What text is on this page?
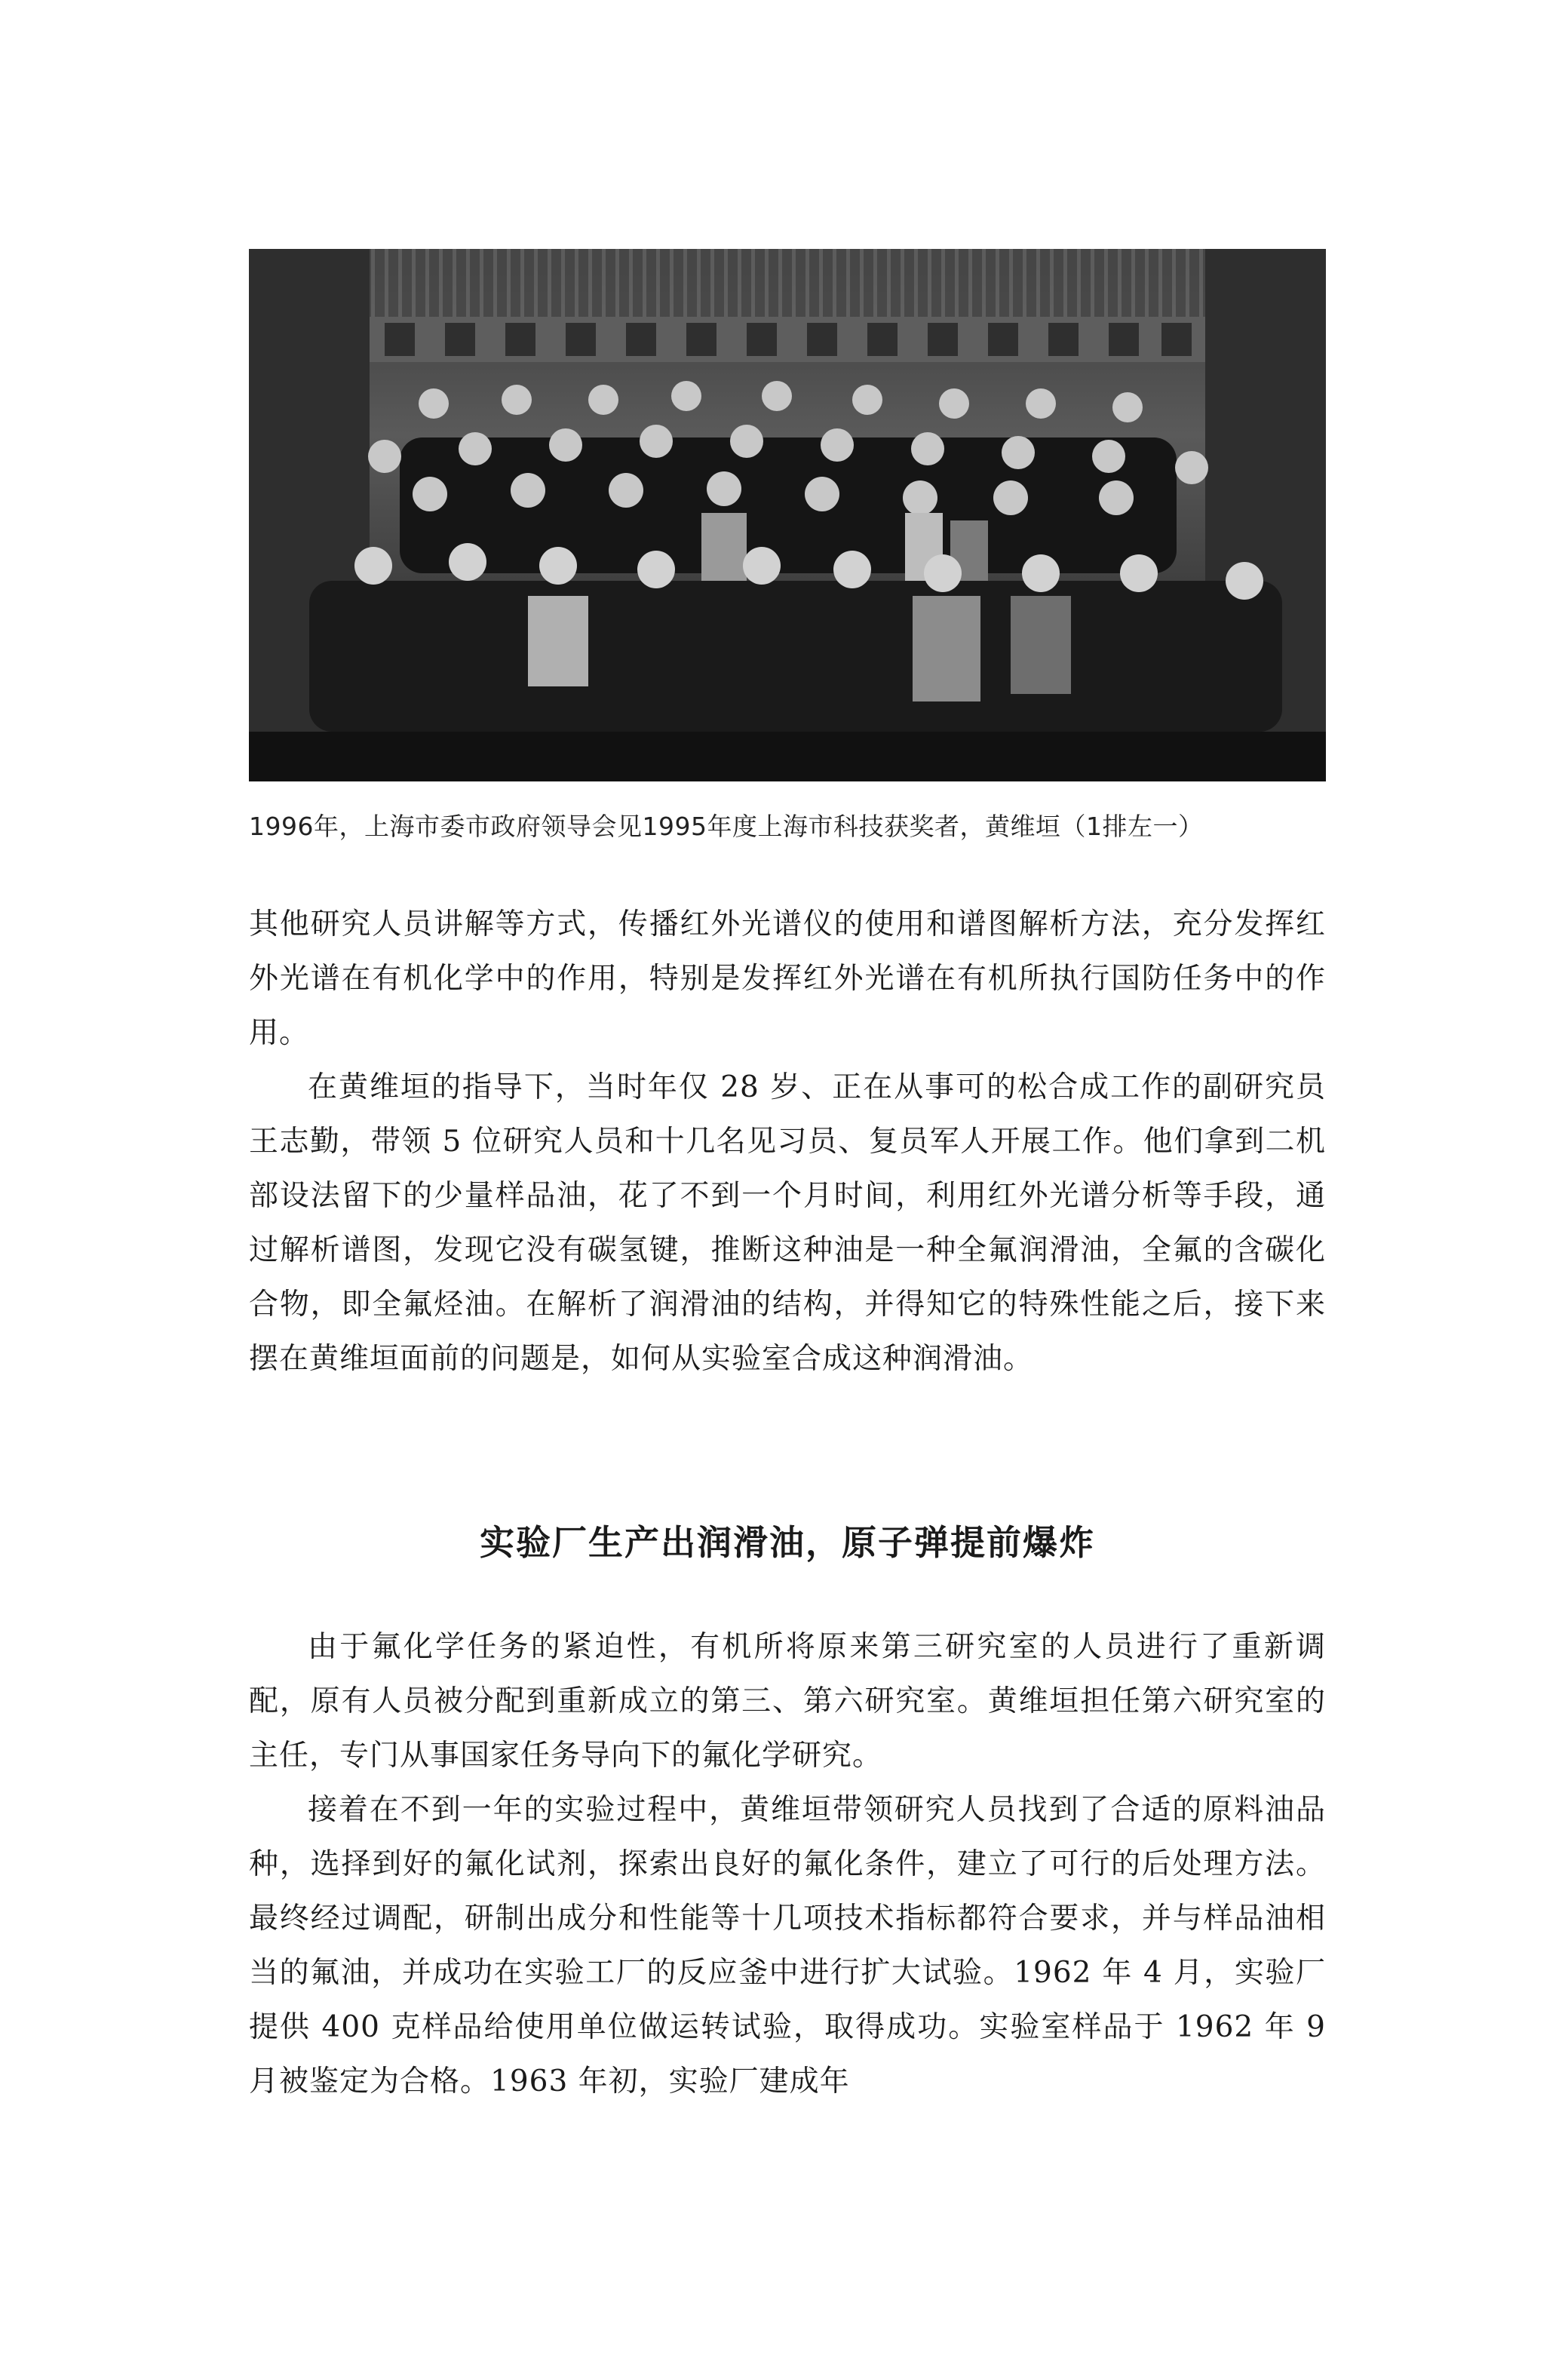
1996年，上海市委市政府领导会见1995年度上海市科技获奖者，黄维垣（1排左一）

其他研究人员讲解等方式，传播红外光谱仪的使用和谱图解析方法，充分发挥红外光谱在有机化学中的作用，特别是发挥红外光谱在有机所执行国防任务中的作用。

在黄维垣的指导下，当时年仅 28 岁、正在从事可的松合成工作的副研究员王志勤，带领 5 位研究人员和十几名见习员、复员军人开展工作。他们拿到二机部设法留下的少量样品油，花了不到一个月时间，利用红外光谱分析等手段，通过解析谱图，发现它没有碳氢键，推断这种油是一种全氟润滑油，全氟的含碳化合物，即全氟烃油。在解析了润滑油的结构，并得知它的特殊性能之后，接下来摆在黄维垣面前的问题是，如何从实验室合成这种润滑油。

实验厂生产出润滑油，原子弹提前爆炸

由于氟化学任务的紧迫性，有机所将原来第三研究室的人员进行了重新调配，原有人员被分配到重新成立的第三、第六研究室。黄维垣担任第六研究室的主任，专门从事国家任务导向下的氟化学研究。

接着在不到一年的实验过程中，黄维垣带领研究人员找到了合适的原料油品种，选择到好的氟化试剂，探索出良好的氟化条件，建立了可行的后处理方法。最终经过调配，研制出成分和性能等十几项技术指标都符合要求，并与样品油相当的氟油，并成功在实验工厂的反应釜中进行扩大试验。1962 年 4 月，实验厂提供 400 克样品给使用单位做运转试验，取得成功。实验室样品于 1962 年 9 月被鉴定为合格。1963 年初，实验厂建成年
